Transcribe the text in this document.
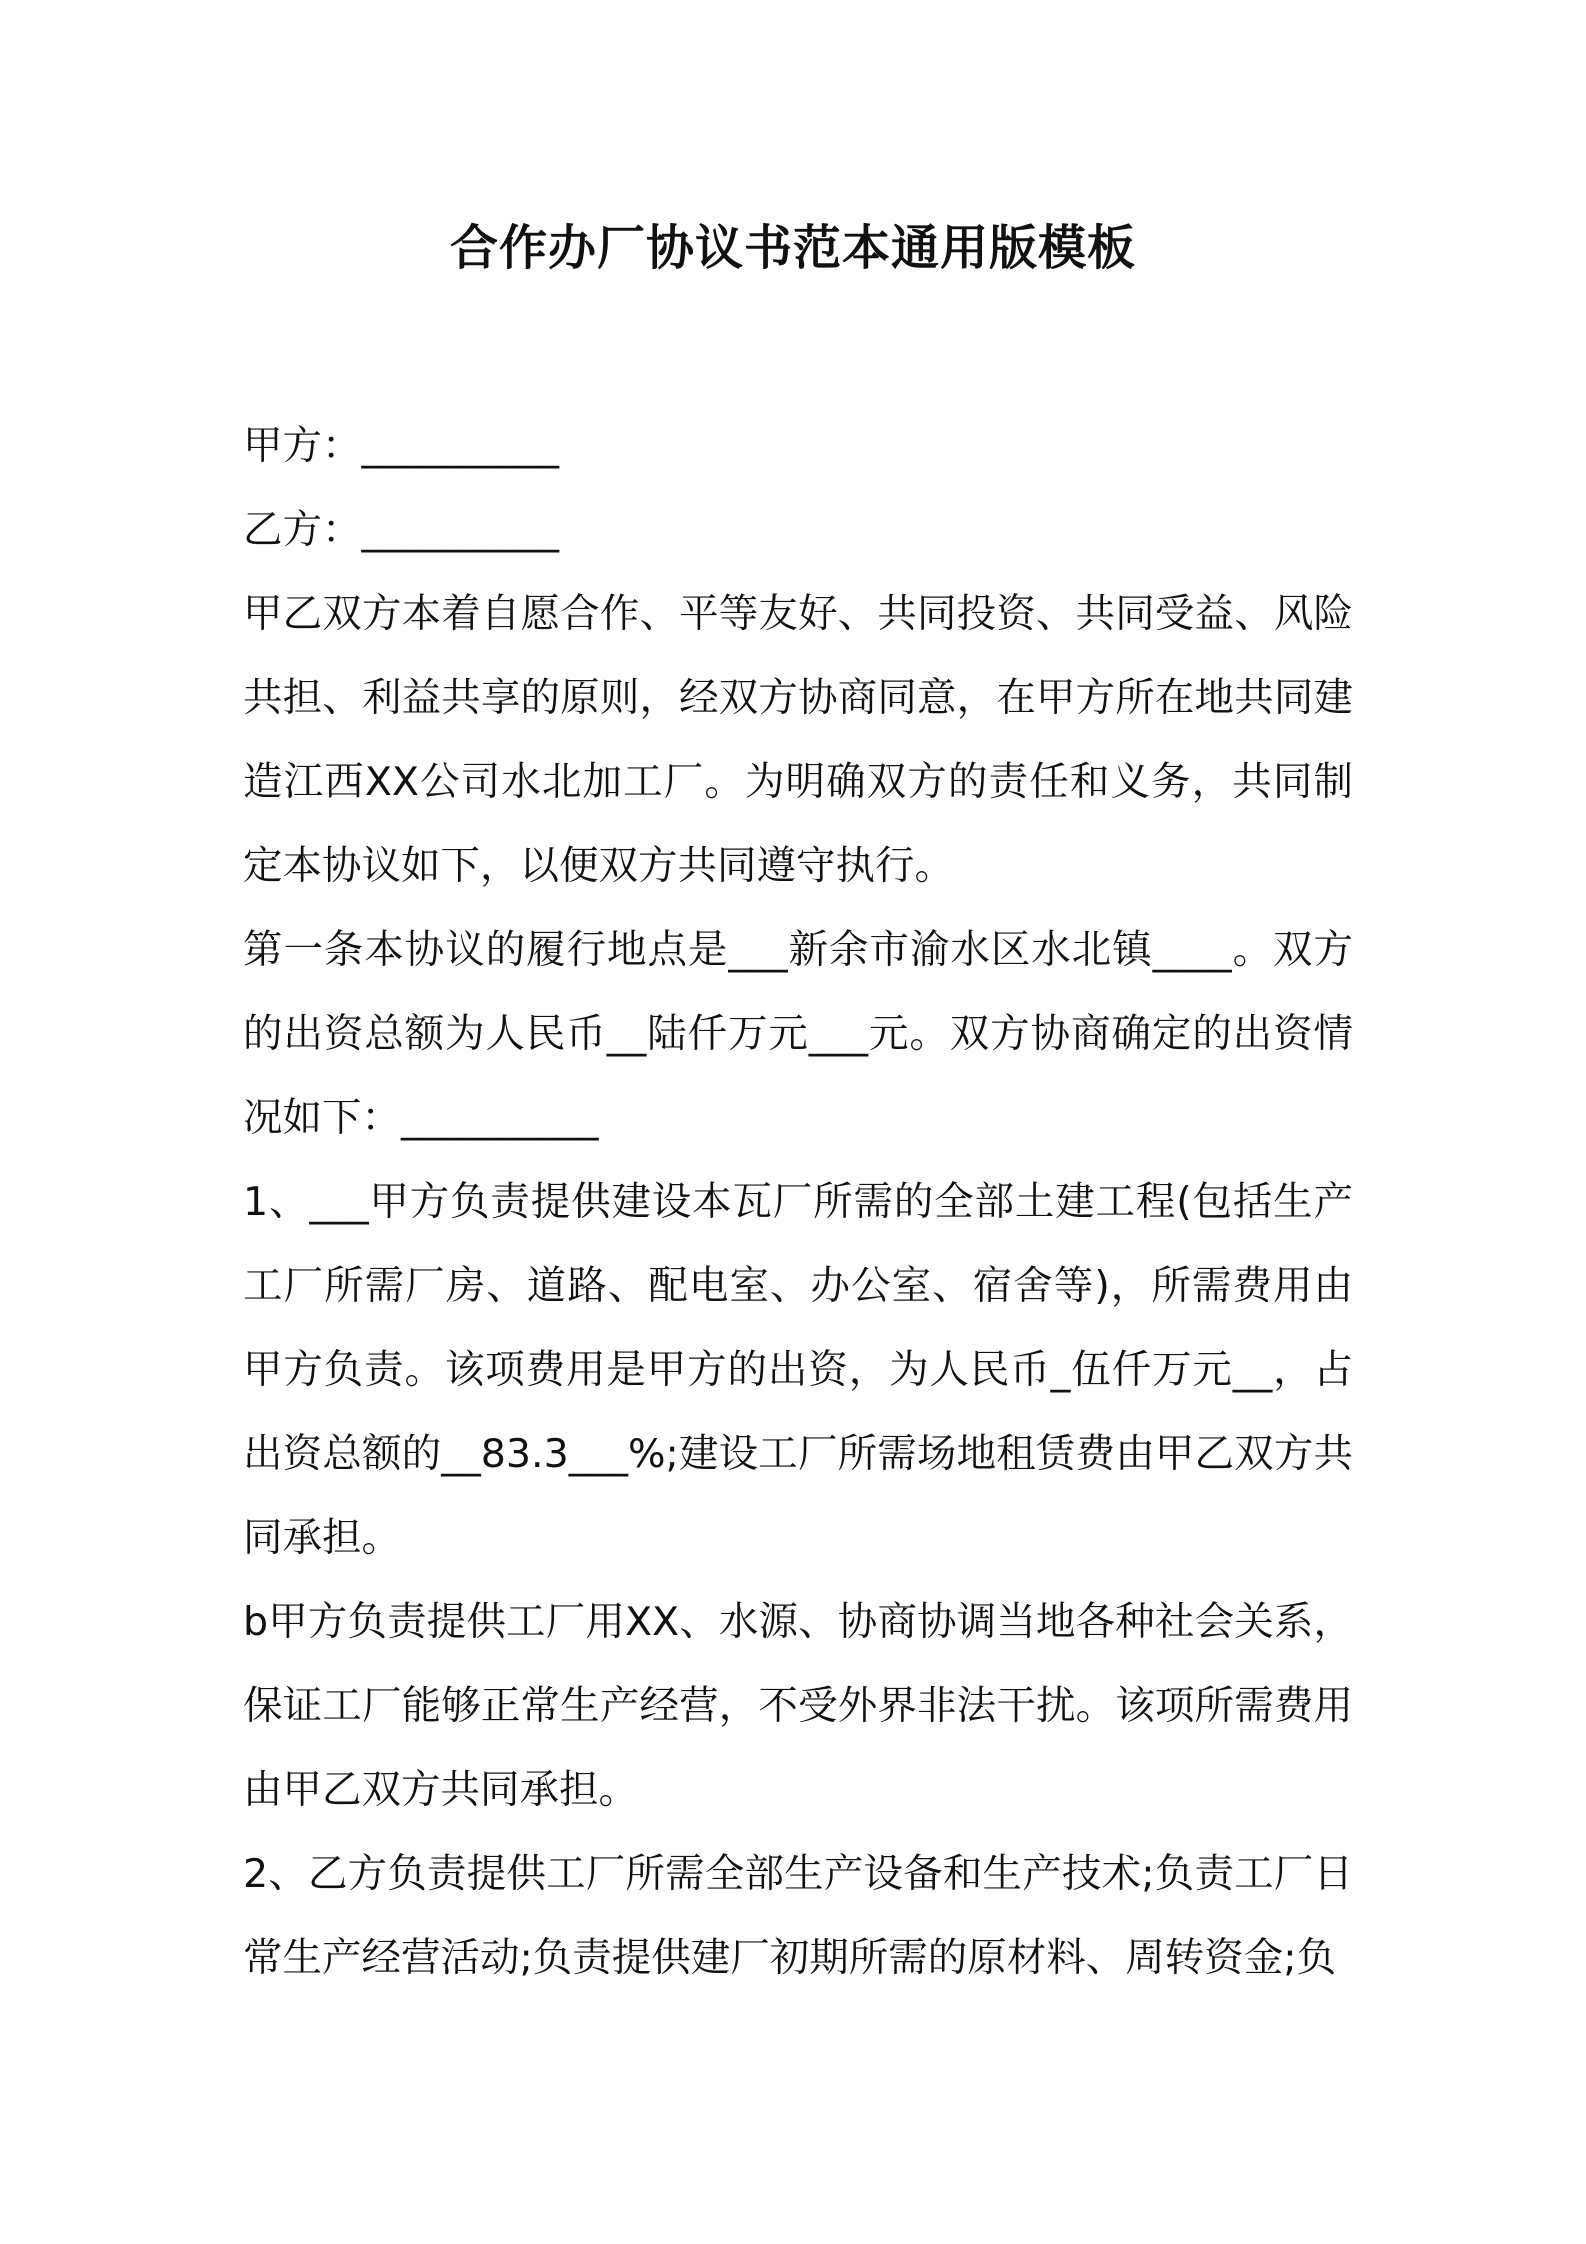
合作办厂协议书范本通用版模板

甲方：__________

乙方：__________

甲乙双方本着自愿合作、平等友好、共同投资、共同受益、风险共担、利益共享的原则，经双方协商同意，在甲方所在地共同建造江西XX公司水北加工厂。为明确双方的责任和义务，共同制定本协议如下，以便双方共同遵守执行。

第一条本协议的履行地点是___新余市渝水区水北镇____。双方的出资总额为人民币__陆仟万元___元。双方协商确定的出资情况如下：__________

1、___甲方负责提供建设本瓦厂所需的全部土建工程(包括生产工厂所需厂房、道路、配电室、办公室、宿舍等)，所需费用由甲方负责。该项费用是甲方的出资，为人民币_伍仟万元__，占出资总额的__83.3___%;建设工厂所需场地租赁费由甲乙双方共同承担。

b甲方负责提供工厂用XX、水源、协商协调当地各种社会关系，保证工厂能够正常生产经营，不受外界非法干扰。该项所需费用由甲乙双方共同承担。

2、乙方负责提供工厂所需全部生产设备和生产技术;负责工厂日常生产经营活动;负责提供建厂初期所需的原材料、周转资金;负
